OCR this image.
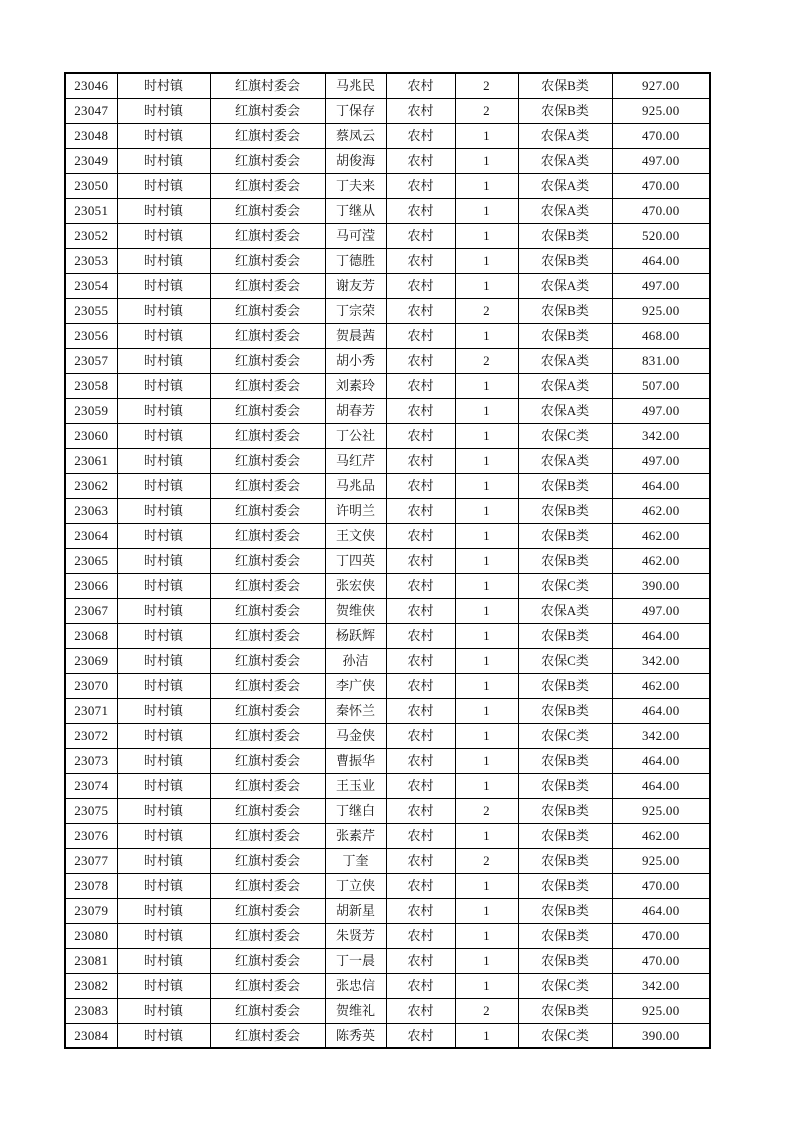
23046	时村镇	红旗村委会	马兆民	农村	2	农保B类	927.00
23047	时村镇	红旗村委会	丁保存	农村	2	农保B类	925.00
23048	时村镇	红旗村委会	蔡凤云	农村	1	农保A类	470.00
23049	时村镇	红旗村委会	胡俊海	农村	1	农保A类	497.00
23050	时村镇	红旗村委会	丁夫来	农村	1	农保A类	470.00
23051	时村镇	红旗村委会	丁继从	农村	1	农保A类	470.00
23052	时村镇	红旗村委会	马可滢	农村	1	农保B类	520.00
23053	时村镇	红旗村委会	丁德胜	农村	1	农保B类	464.00
23054	时村镇	红旗村委会	谢友芳	农村	1	农保A类	497.00
23055	时村镇	红旗村委会	丁宗荣	农村	2	农保B类	925.00
23056	时村镇	红旗村委会	贺晨茜	农村	1	农保B类	468.00
23057	时村镇	红旗村委会	胡小秀	农村	2	农保A类	831.00
23058	时村镇	红旗村委会	刘素玲	农村	1	农保A类	507.00
23059	时村镇	红旗村委会	胡春芳	农村	1	农保A类	497.00
23060	时村镇	红旗村委会	丁公社	农村	1	农保C类	342.00
23061	时村镇	红旗村委会	马红芹	农村	1	农保A类	497.00
23062	时村镇	红旗村委会	马兆品	农村	1	农保B类	464.00
23063	时村镇	红旗村委会	许明兰	农村	1	农保B类	462.00
23064	时村镇	红旗村委会	王文侠	农村	1	农保B类	462.00
23065	时村镇	红旗村委会	丁四英	农村	1	农保B类	462.00
23066	时村镇	红旗村委会	张宏侠	农村	1	农保C类	390.00
23067	时村镇	红旗村委会	贺维侠	农村	1	农保A类	497.00
23068	时村镇	红旗村委会	杨跃辉	农村	1	农保B类	464.00
23069	时村镇	红旗村委会	孙洁	农村	1	农保C类	342.00
23070	时村镇	红旗村委会	李广侠	农村	1	农保B类	462.00
23071	时村镇	红旗村委会	秦怀兰	农村	1	农保B类	464.00
23072	时村镇	红旗村委会	马金侠	农村	1	农保C类	342.00
23073	时村镇	红旗村委会	曹振华	农村	1	农保B类	464.00
23074	时村镇	红旗村委会	王玉业	农村	1	农保B类	464.00
23075	时村镇	红旗村委会	丁继白	农村	2	农保B类	925.00
23076	时村镇	红旗村委会	张素芹	农村	1	农保B类	462.00
23077	时村镇	红旗村委会	丁奎	农村	2	农保B类	925.00
23078	时村镇	红旗村委会	丁立侠	农村	1	农保B类	470.00
23079	时村镇	红旗村委会	胡新星	农村	1	农保B类	464.00
23080	时村镇	红旗村委会	朱贤芳	农村	1	农保B类	470.00
23081	时村镇	红旗村委会	丁一晨	农村	1	农保B类	470.00
23082	时村镇	红旗村委会	张忠信	农村	1	农保C类	342.00
23083	时村镇	红旗村委会	贺维礼	农村	2	农保B类	925.00
23084	时村镇	红旗村委会	陈秀英	农村	1	农保C类	390.00
